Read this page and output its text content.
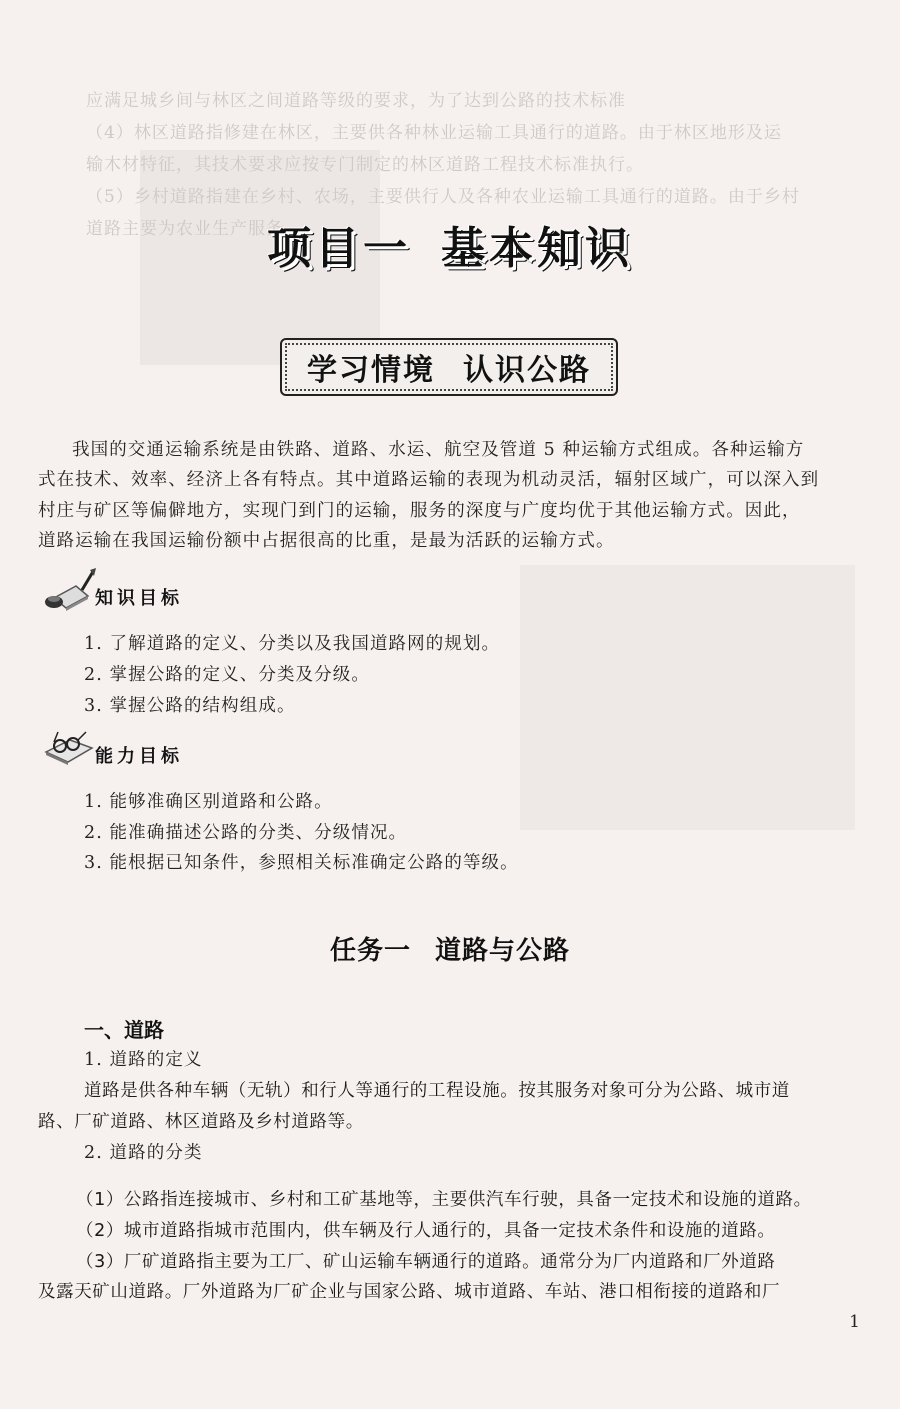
应满足城乡间与林区之间道路等级的要求，为了达到公路的技术标准
（4）林区道路指修建在林区，主要供各种林业运输工具通行的道路。由于林区地形及运
输木材特征，其技术要求应按专门制定的林区道路工程技术标准执行。
（5）乡村道路指建在乡村、农场，主要供行人及各种农业运输工具通行的道路。由于乡村
道路主要为农业生产服务
项目一 基本知识
学习情境 认识公路
我国的交通运输系统是由铁路、道路、水运、航空及管道 5 种运输方式组成。各种运输方
式在技术、效率、经济上各有特点。其中道路运输的表现为机动灵活，辐射区域广，可以深入到
村庄与矿区等偏僻地方，实现门到门的运输，服务的深度与广度均优于其他运输方式。因此，
道路运输在我国运输份额中占据很高的比重，是最为活跃的运输方式。
知识目标
1. 了解道路的定义、分类以及我国道路网的规划。
2. 掌握公路的定义、分类及分级。
3. 掌握公路的结构组成。
能力目标
1. 能够准确区别道路和公路。
2. 能准确描述公路的分类、分级情况。
3. 能根据已知条件，参照相关标准确定公路的等级。
任务一 道路与公路
一、道路
1. 道路的定义
道路是供各种车辆（无轨）和行人等通行的工程设施。按其服务对象可分为公路、城市道
路、厂矿道路、林区道路及乡村道路等。
2. 道路的分类
（1）公路指连接城市、乡村和工矿基地等，主要供汽车行驶，具备一定技术和设施的道路。
（2）城市道路指城市范围内，供车辆及行人通行的，具备一定技术条件和设施的道路。
（3）厂矿道路指主要为工厂、矿山运输车辆通行的道路。通常分为厂内道路和厂外道路
及露天矿山道路。厂外道路为厂矿企业与国家公路、城市道路、车站、港口相衔接的道路和厂
1
